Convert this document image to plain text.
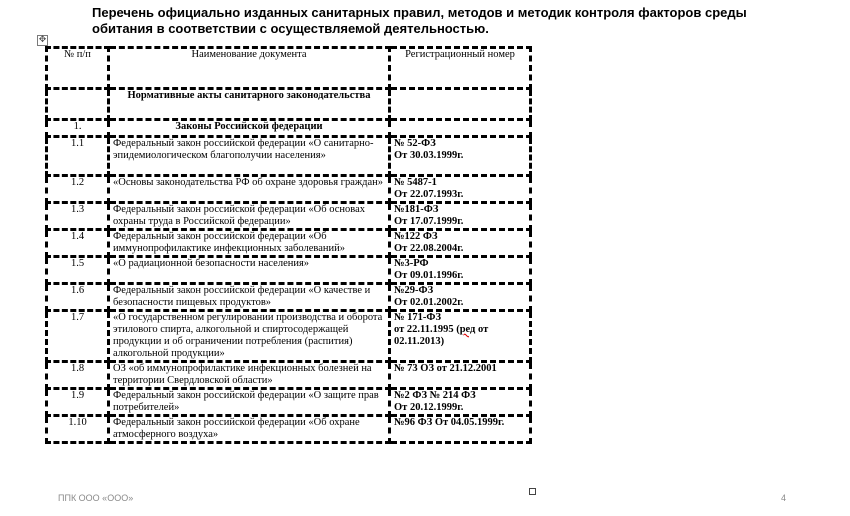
Перечень официально изданных санитарных правил, методов и методик контроля факторов среды обитания в соответствии с осуществляемой деятельностью.

✥
№ п/п	Наименование документа	Регистрационный номер
	Нормативные акты санитарного законодательства	
1.	Законы Российской федерации	
1.1	Федеральный закон российской федерации «О санитарно-эпидемиологическом благополучии населения»	№ 52-ФЗ
От 30.03.1999г.

1.2	«Основы законодательства РФ об охране здоровья граждан»	№ 5487-1
От 22.07.1993г.

1.3	Федеральный закон российской федерации «Об основах охраны труда в Российской федерации»	№181-ФЗ
От 17.07.1999г.

1.4	Федеральный закон российской федерации «Об иммунопрофилактике инфекционных заболеваний»	№122 ФЗ
От 22.08.2004г.

1.5	«О радиационной безопасности населения»	№3-РФ
От 09.01.1996г.

1.6	Федеральный закон российской федерации «О качестве и безопасности пищевых продуктов»	№29-ФЗ
От 02.01.2002г.

1.7	«О государственном регулировании производства и оборота этилового спирта, алкогольной и спиртосодержащей продукции и об ограничении потребления (распития) алкогольной продукции»	№ 171-ФЗ
от 22.11.1995 (ред от 02.11.2013)

1.8	ОЗ «об иммунопрофилактике инфекционных болезней на территории Свердловской области»	№ 73 ОЗ от 21.12.2001

1.9	Федеральный закон российской федерации «О защите прав потребителей»	№2 ФЗ № 214 ФЗ
От 20.12.1999г.

1.10	Федеральный закон российской федерации «Об охране атмосферного воздуха»	№96 ФЗ От 04.05.1999г.
ППК ООО «ООО»	4
